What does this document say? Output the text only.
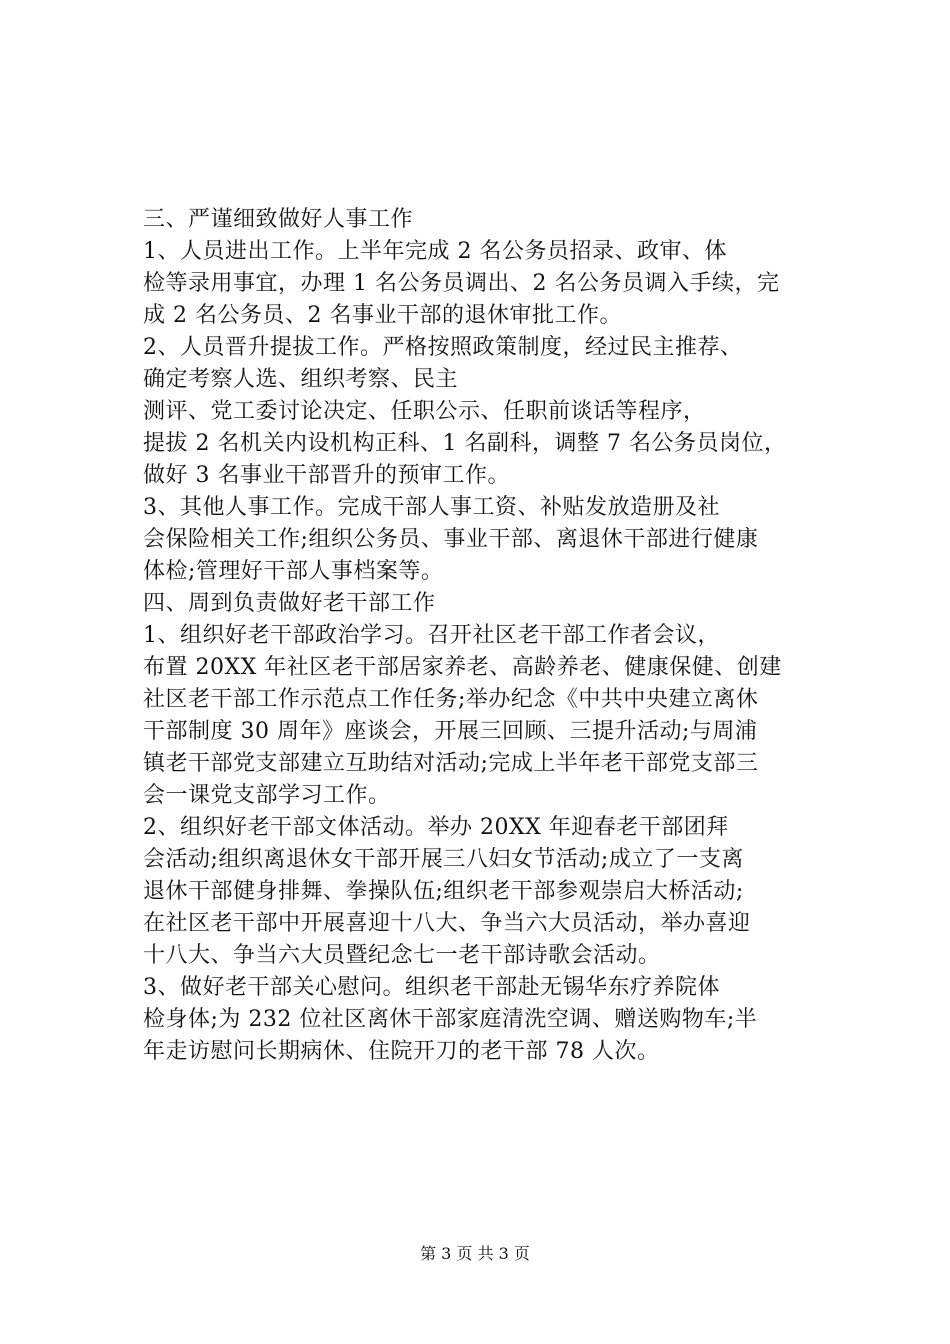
三、严谨细致做好人事工作
1、人员进出工作。上半年完成 2 名公务员招录、政审、体
检等录用事宜，办理 1 名公务员调出、2 名公务员调入手续，完
成 2 名公务员、2 名事业干部的退休审批工作。
2、人员晋升提拔工作。严格按照政策制度，经过民主推荐、
确定考察人选、组织考察、民主
测评、党工委讨论决定、任职公示、任职前谈话等程序，
提拔 2 名机关内设机构正科、1 名副科，调整 7 名公务员岗位，
做好 3 名事业干部晋升的预审工作。
3、其他人事工作。完成干部人事工资、补贴发放造册及社
会保险相关工作;组织公务员、事业干部、离退休干部进行健康
体检;管理好干部人事档案等。
四、周到负责做好老干部工作
1、组织好老干部政治学习。召开社区老干部工作者会议，
布置 20XX 年社区老干部居家养老、高龄养老、健康保健、创建
社区老干部工作示范点工作任务;举办纪念《中共中央建立离休
干部制度 30 周年》座谈会，开展三回顾、三提升活动;与周浦
镇老干部党支部建立互助结对活动;完成上半年老干部党支部三
会一课党支部学习工作。
2、组织好老干部文体活动。举办 20XX 年迎春老干部团拜
会活动;组织离退休女干部开展三八妇女节活动;成立了一支离
退休干部健身排舞、拳操队伍;组织老干部参观崇启大桥活动;
在社区老干部中开展喜迎十八大、争当六大员活动，举办喜迎
十八大、争当六大员暨纪念七一老干部诗歌会活动。
3、做好老干部关心慰问。组织老干部赴无锡华东疗养院体
检身体;为 232 位社区离休干部家庭清洗空调、赠送购物车;半
年走访慰问长期病休、住院开刀的老干部 78 人次。
第 3 页 共 3 页
